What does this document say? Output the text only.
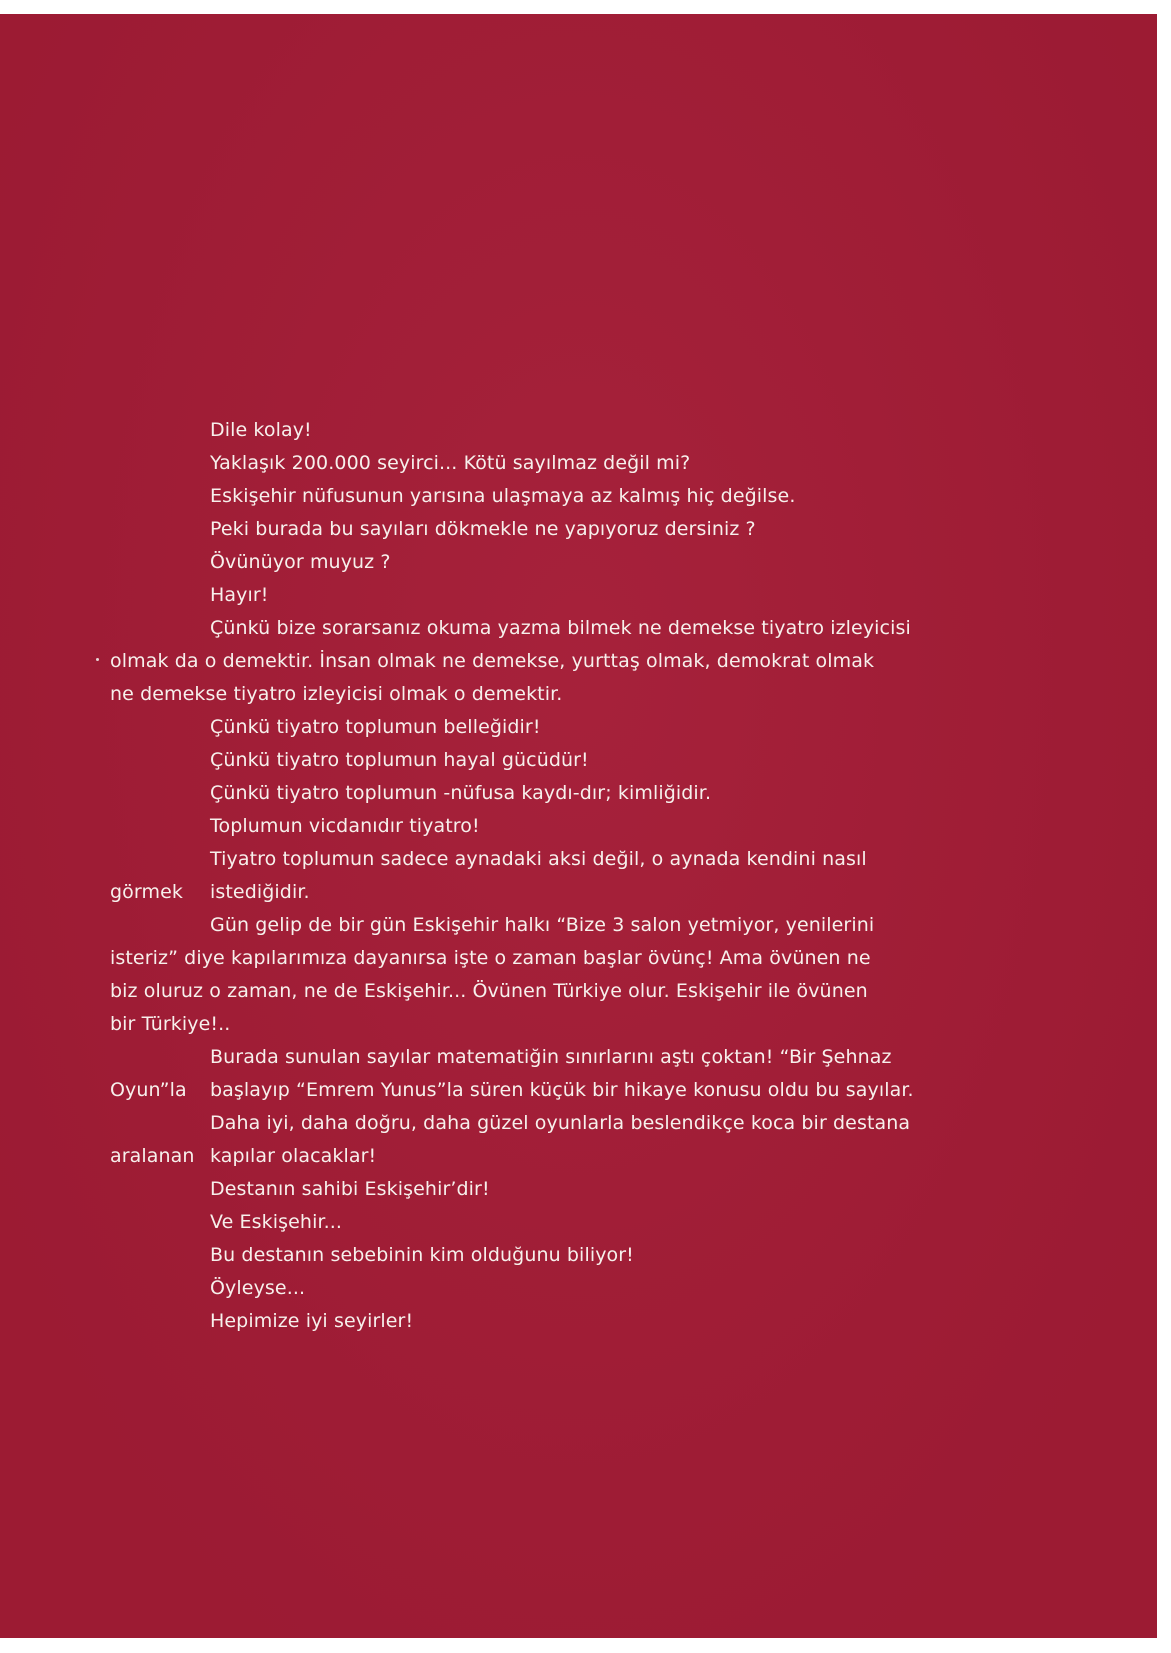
Dile kolay!
Yaklaşık 200.000 seyirci... Kötü sayılmaz değil mi?
Eskişehir nüfusunun yarısına ulaşmaya az kalmış hiç değilse.
Peki burada bu sayıları dökmekle ne yapıyoruz dersiniz ?
Övünüyor muyuz ?
Hayır!
Çünkü bize sorarsanız okuma yazma bilmek ne demekse tiyatro izleyicisi
olmak da o demektir. İnsan olmak ne demekse, yurttaş olmak, demokrat olmak
ne demekse tiyatro izleyicisi olmak o demektir.
Çünkü tiyatro toplumun belleğidir!
Çünkü tiyatro toplumun hayal gücüdür!
Çünkü tiyatro toplumun -nüfusa kaydı-dır; kimliğidir.
Toplumun vicdanıdır tiyatro!
Tiyatro toplumun sadece aynadaki aksi değil, o aynada kendini nasıl
görmek	istediğidir.
Gün gelip de bir gün Eskişehir halkı “Bize 3 salon yetmiyor, yenilerini
isteriz” diye kapılarımıza dayanırsa işte o zaman başlar övünç! Ama övünen ne
biz oluruz o zaman, ne de Eskişehir... Övünen Türkiye olur. Eskişehir ile övünen
bir Türkiye!..
Burada sunulan sayılar matematiğin sınırlarını aştı çoktan! “Bir Şehnaz
Oyun”la	başlayıp “Emrem Yunus”la süren küçük bir hikaye konusu oldu bu sayılar.
Daha iyi, daha doğru, daha güzel oyunlarla beslendikçe koca bir destana
aralanan kapılar olacaklar!
Destanın sahibi Eskişehir’dir!
Ve Eskişehir...
Bu destanın sebebinin kim olduğunu biliyor!
Öyleyse...
Hepimize iyi seyirler!
